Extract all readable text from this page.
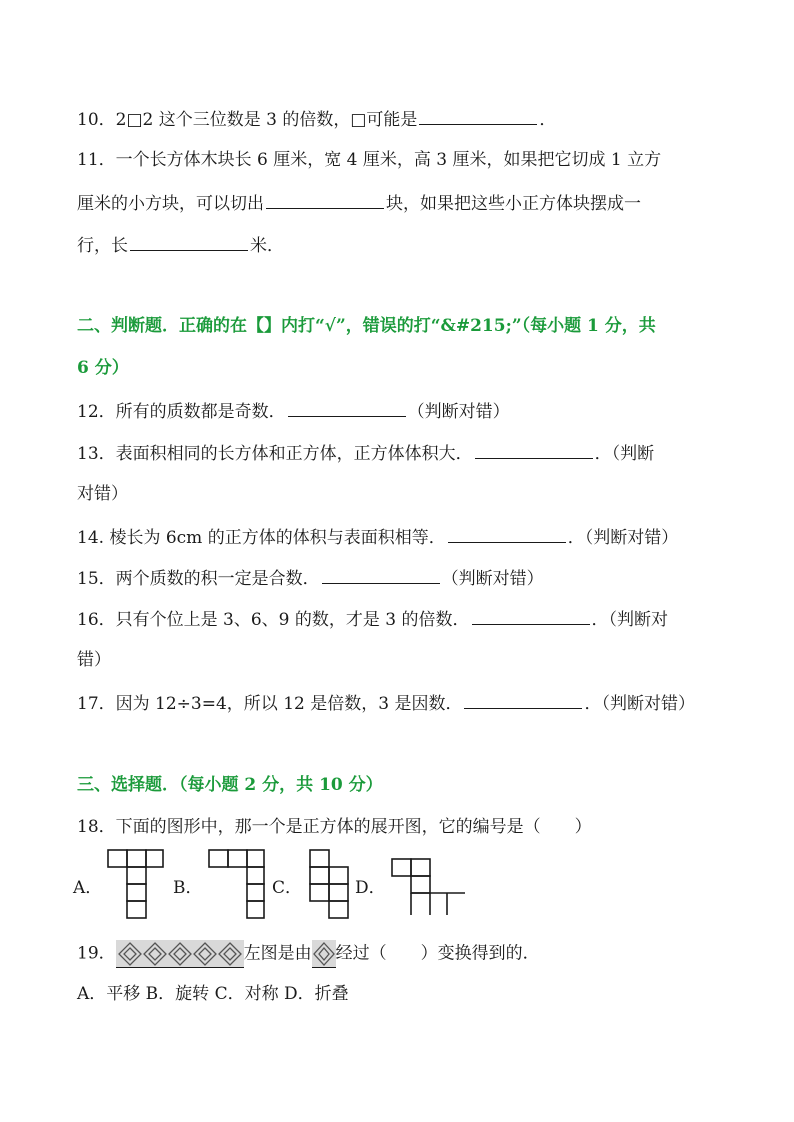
10．2□2 这个三位数是 3 的倍数，□可能是	．
11．一个长方体木块长 6 厘米，宽 4 厘米，高 3 厘米，如果把它切成 1 立方
厘米的小方块，可以切出	块，如果把这些小正方体块摆成一
行，长	米．
二、判断题．正确的在【】内打“√”，错误的打“&#215;”（每小题 1 分，共
6 分）
12．所有的质数都是奇数．	（判断对错）
13．表面积相同的长方体和正方体，正方体体积大．	．（判断
对错）
14. 棱长为 6cm 的正方体的体积与表面积相等．	．（判断对错）
15．两个质数的积一定是合数．	（判断对错）
16．只有个位上是 3、6、9 的数，才是 3 的倍数．	．（判断对
错）
17．因为 12÷3=4，所以 12 是倍数，3 是因数．	．（判断对错）
三、选择题．（每小题 2 分，共 10 分）
18．下面的图形中，那一个是正方体的展开图，它的编号是（　　）
A．	B．	C．	D．
19．	左图是由 经过（　　）变换得到的．
A．平移 B．旋转 C．对称 D．折叠
